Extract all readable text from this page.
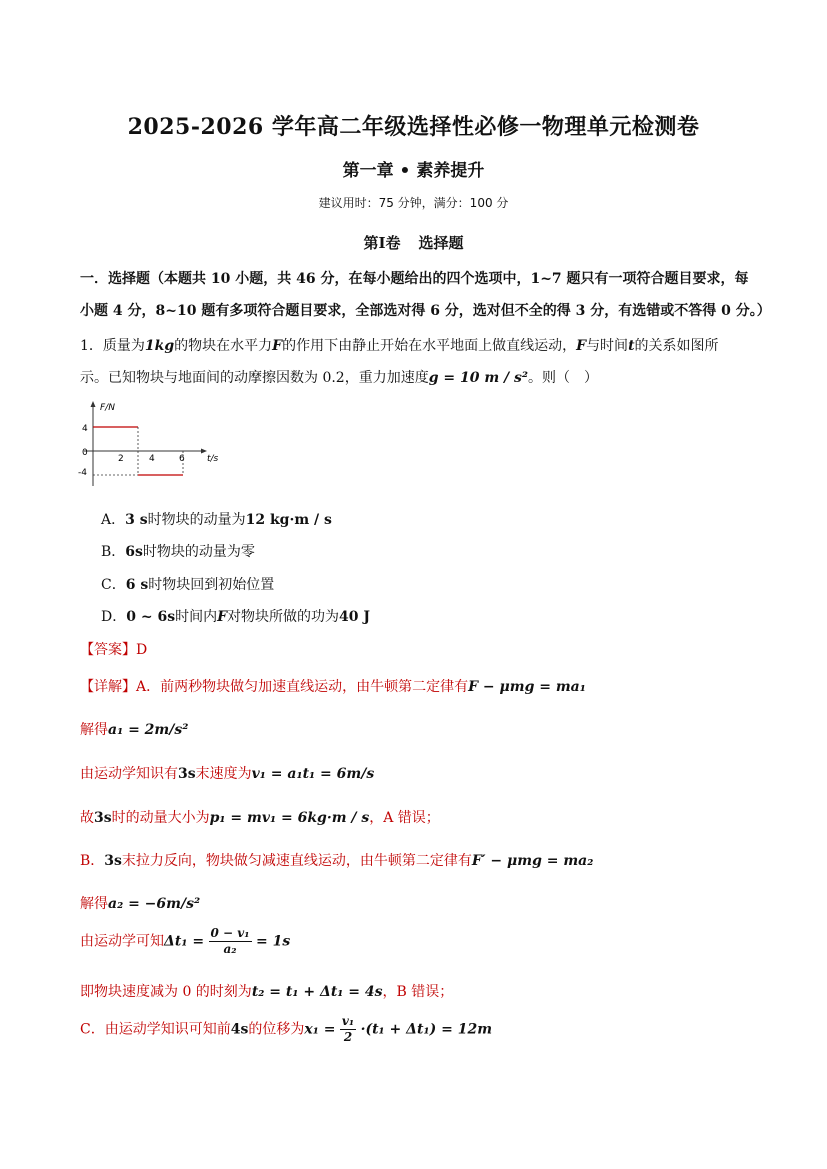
2025-2026 学年高二年级选择性必修一物理单元检测卷
第一章 • 素养提升
建议用时：75 分钟，满分：100 分
第Ⅰ卷 选择题
一．选择题（本题共 10 小题，共 46 分，在每小题给出的四个选项中，1~7 题只有一项符合题目要求，每
小题 4 分，8~10 题有多项符合题目要求，全部选对得 6 分，选对但不全的得 3 分，有选错或不答得 0 分。）
1．质量为1kg的物块在水平力F的作用下由静止开始在水平地面上做直线运动，F与时间t的关系如图所
示。已知物块与地面间的动摩擦因数为 0.2，重力加速度g = 10 m / s²。则（　）
F/N
t/s
4
0
-4
2	4	6
A．3 s时物块的动量为12 kg·m / s
B．6s时物块的动量为零
C．6 s时物块回到初始位置
D．0 ~ 6s时间内F对物块所做的功为40 J
【答案】D
【详解】A．前两秒物块做匀加速直线运动，由牛顿第二定律有F − μmg = ma₁
解得a₁ = 2m/s²
由运动学知识有3s末速度为v₁ = a₁t₁ = 6m/s
故3s时的动量大小为p₁ = mv₁ = 6kg·m / s，A 错误；
B．3s末拉力反向，物块做匀减速直线运动，由牛顿第二定律有F′ − μmg = ma₂
解得a₂ = −6m/s²
由运动学可知$\Delta t_1 = \frac{\text{0 − v₁}}{\text{a₂}} = 1s$
即物块速度减为 0 的时刻为t₂ = t₁ + Δt₁ = 4s，B 错误；
C．由运动学知识可知前4s的位移为$x_1 = \frac{\text{v₁}}{2} \cdot(t_1 + \Delta t_1) = 12m$
